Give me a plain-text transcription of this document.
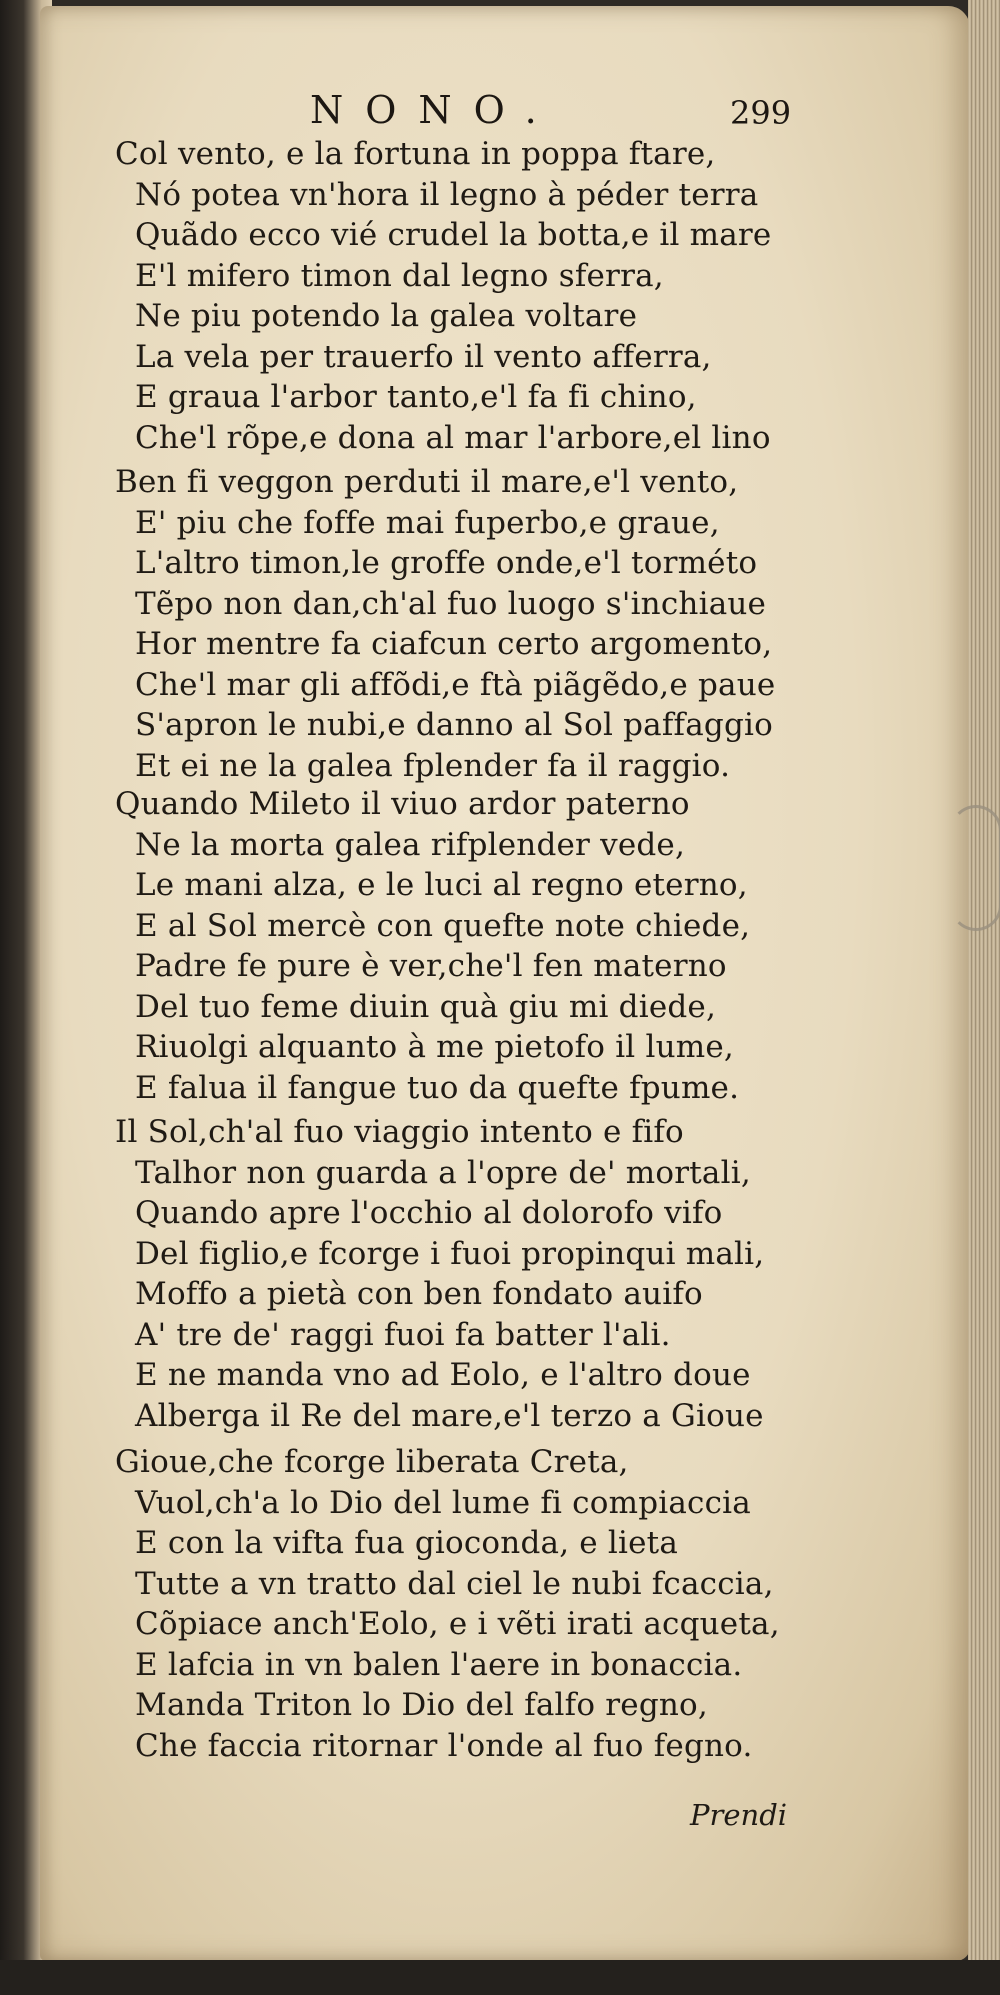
NONO.	299
Col vento, e la fortuna in poppa ftare,
Nó potea vn'hora il legno à péder terra
Quãdo ecco vié crudel la botta,e il mare
E'l mifero timon dal legno sferra,
Ne piu potendo la galea voltare
La vela per trauerfo il vento afferra,
E graua l'arbor tanto,e'l fa fi chino,
Che'l rõpe,e dona al mar l'arbore,el lino
Ben fi veggon perduti il mare,e'l vento,
E' piu che foffe mai fuperbo,e graue,
L'altro timon,le groffe onde,e'l torméto
Tẽpo non dan,ch'al fuo luogo s'inchiaue
Hor mentre fa ciafcun certo argomento,
Che'l mar gli affõdi,e ftà piãgẽdo,e paue
S'apron le nubi,e danno al Sol paffaggio
Et ei ne la galea fplender fa il raggio.
Quando Mileto il viuo ardor paterno
Ne la morta galea rifplender vede,
Le mani alza, e le luci al regno eterno,
E al Sol mercè con quefte note chiede,
Padre fe pure è ver,che'l fen materno
Del tuo feme diuin quà giu mi diede,
Riuolgi alquanto à me pietofo il lume,
E falua il fangue tuo da quefte fpume.
Il Sol,ch'al fuo viaggio intento e fifo
Talhor non guarda a l'opre de' mortali,
Quando apre l'occhio al dolorofo vifo
Del figlio,e fcorge i fuoi propinqui mali,
Moffo a pietà con ben fondato auifo
A' tre de' raggi fuoi fa batter l'ali.
E ne manda vno ad Eolo, e l'altro doue
Alberga il Re del mare,e'l terzo a Gioue
Gioue,che fcorge liberata Creta,
Vuol,ch'a lo Dio del lume fi compiaccia
E con la vifta fua gioconda, e lieta
Tutte a vn tratto dal ciel le nubi fcaccia,
Cõpiace anch'Eolo, e i vẽti irati acqueta,
E lafcia in vn balen l'aere in bonaccia.
Manda Triton lo Dio del falfo regno,
Che faccia ritornar l'onde al fuo fegno.
Prendi
